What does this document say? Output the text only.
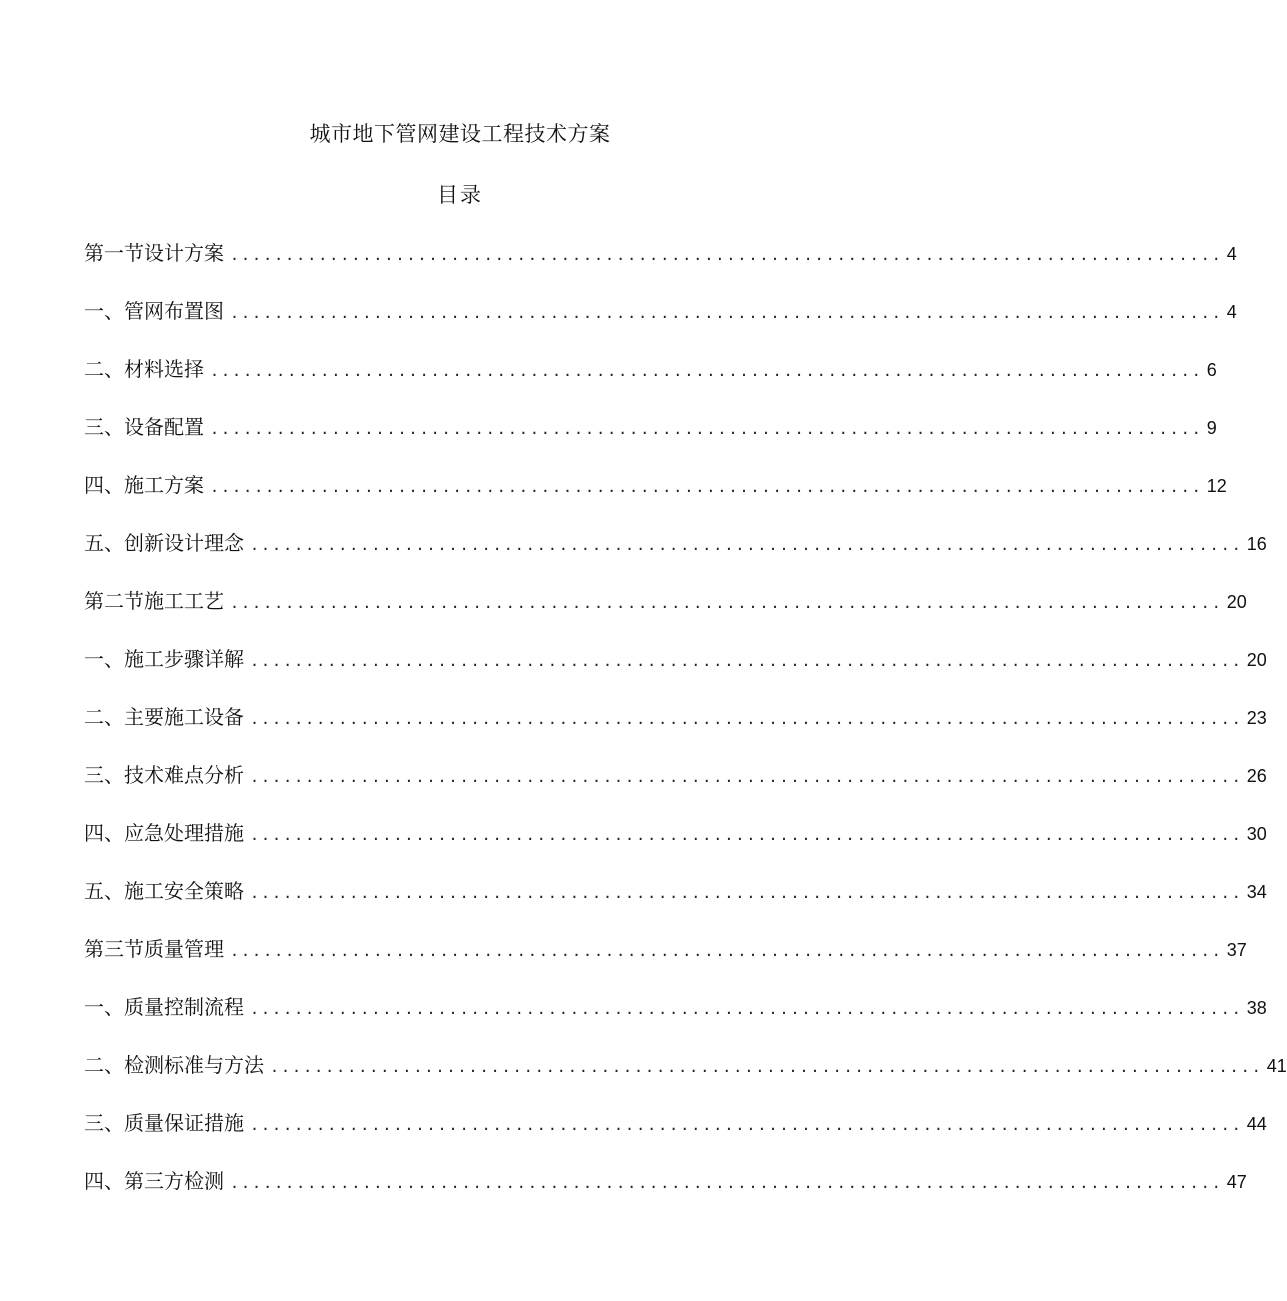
城市地下管网建设工程技术方案
目录
第一节设计方案 .......................................................................................... 4
一、管网布置图 .......................................................................................... 4
二、材料选择 .......................................................................................... 6
三、设备配置 .......................................................................................... 9
四、施工方案 .......................................................................................... 12
五、创新设计理念 .......................................................................................... 16
第二节施工工艺 .......................................................................................... 20
一、施工步骤详解 .......................................................................................... 20
二、主要施工设备 .......................................................................................... 23
三、技术难点分析 .......................................................................................... 26
四、应急处理措施 .......................................................................................... 30
五、施工安全策略 .......................................................................................... 34
第三节质量管理 .......................................................................................... 37
一、质量控制流程 .......................................................................................... 38
二、检测标准与方法 .......................................................................................... 41
三、质量保证措施 .......................................................................................... 44
四、第三方检测 .......................................................................................... 47
